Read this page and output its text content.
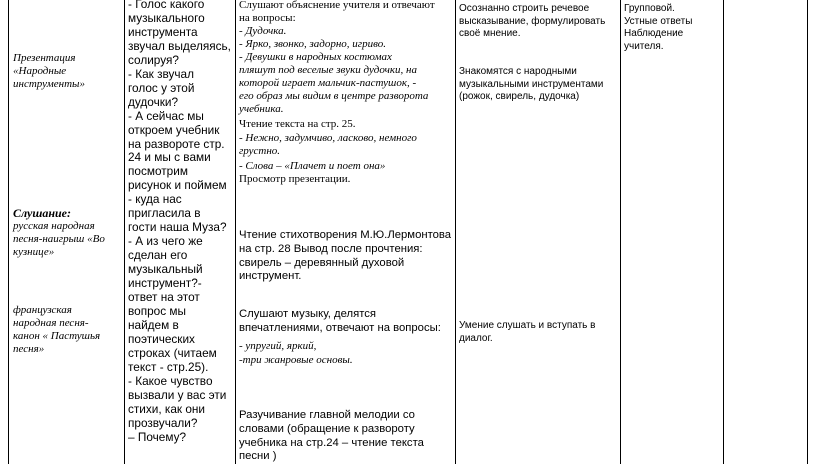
Презентация
«Народные
инструменты»
Слушание:
русская народная
песня-наигрыш «Во
кузнице»
французская
народная песня-
канон « Пастушья
песня»
- Голос какого
музыкального
инструмента
звучал выделяясь,
солируя?
- Как звучал
голос у этой
дудочки?
- А сейчас мы
откроем учебник
на развороте стр.
24 и мы с вами
посмотрим
рисунок и поймем
- куда нас
пригласила в
гости наша Муза?
- А из чего же
сделан его
музыкальный
инструмент?-
ответ на этот
вопрос мы
найдем в
поэтических
строках (читаем
текст - стр.25).
- Какое чувство
вызвали у вас эти
стихи, как они
прозвучали?
– Почему?
Слушают объяснение учителя и отвечают
на вопросы:
- Дудочка.
- Ярко, звонко, задорно, игриво.
- Девушки в народных костюмах
пляшут под веселые звуки дудочки, на
которой играет мальчик-пастушок, -
его образ мы видим в центре разворота
учебника.
Чтение текста на стр. 25.
- Нежно, задумчиво, ласково, немного
грустно.
- Слова – «Плачет и поет она»
Просмотр презентации.
Чтение стихотворения М.Ю.Лермонтова
на стр. 28 Вывод после прочтения:
свирель – деревянный духовой
инструмент.
Слушают музыку, делятся
впечатлениями, отвечают на вопросы:
- упругий, яркий,
-три жанровые основы.
Разучивание главной мелодии со
словами (обращение к развороту
учебника на стр.24 – чтение текста
песни )
Осознанно строить речевое
высказывание, формулировать
своё мнение.
Знакомятся с народными
музыкальными инструментами
(рожок, свирель, дудочка)
Умение слушать и вступать в
диалог.
Групповой.
Устные ответы
Наблюдение
учителя.
